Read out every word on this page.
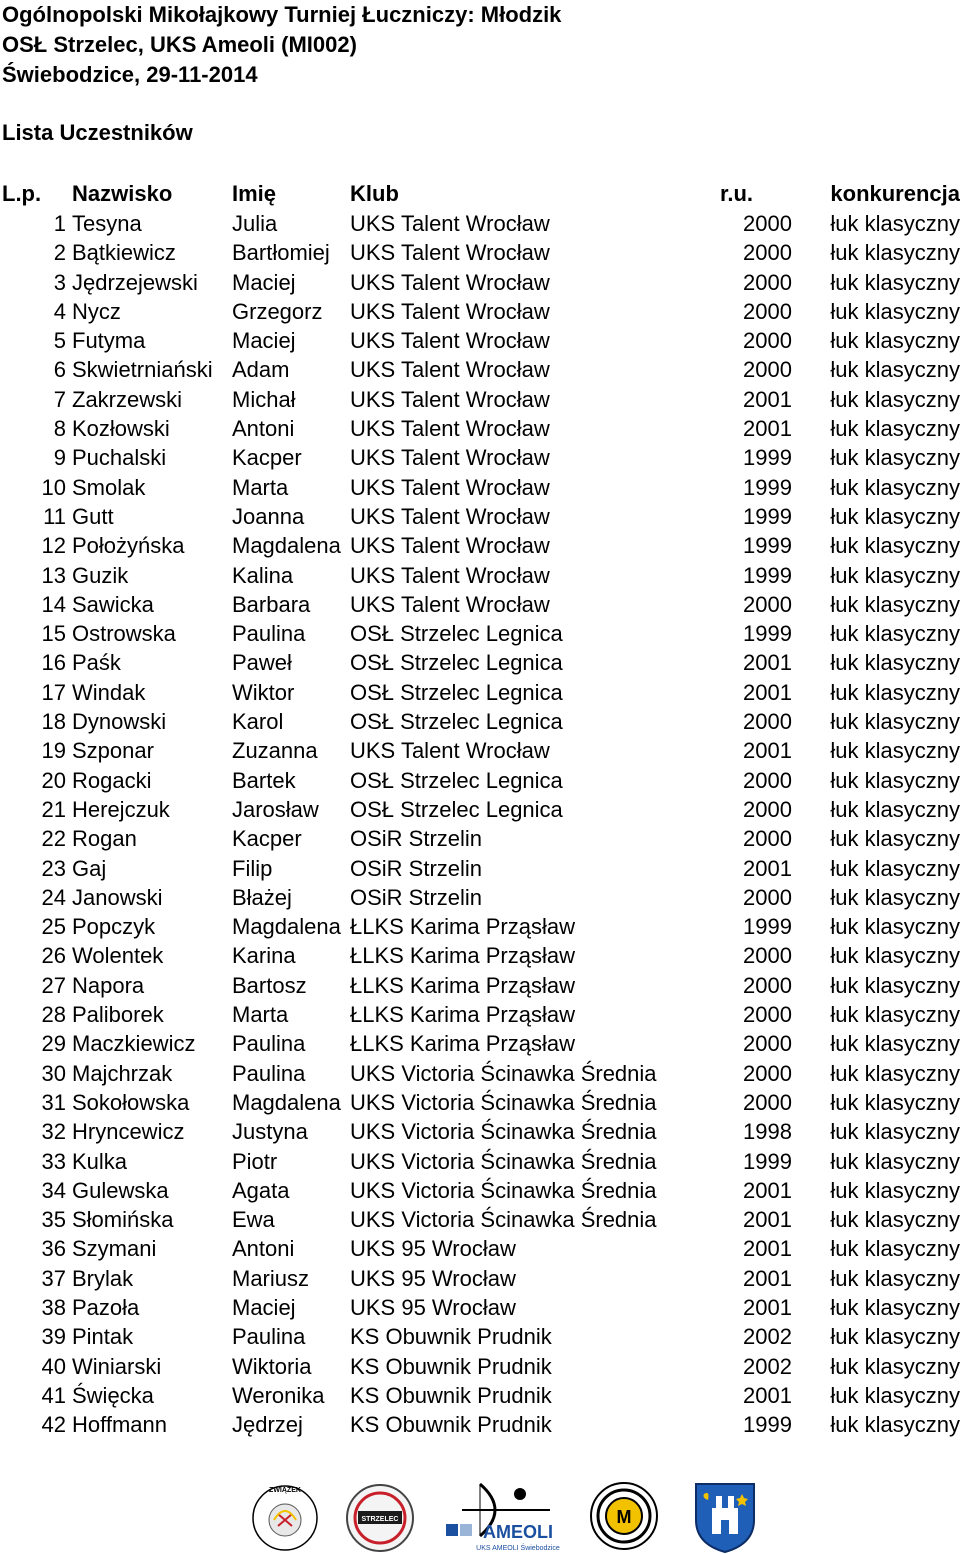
Ogólnopolski Mikołajkowy Turniej Łuczniczy: Młodzik

OSŁ Strzelec, UKS Ameoli (MI002)

Świebodzice, 29-11-2014

Lista Uczestników

L.p.	Nazwisko	Imię	Klub	r.u.	konkurencja
1	Tesyna	Julia	UKS Talent Wrocław	2000	łuk klasyczny
2	Bątkiewicz	Bartłomiej	UKS Talent Wrocław	2000	łuk klasyczny
3	Jędrzejewski	Maciej	UKS Talent Wrocław	2000	łuk klasyczny
4	Nycz	Grzegorz	UKS Talent Wrocław	2000	łuk klasyczny
5	Futyma	Maciej	UKS Talent Wrocław	2000	łuk klasyczny
6	Skwietrniański	Adam	UKS Talent Wrocław	2000	łuk klasyczny
7	Zakrzewski	Michał	UKS Talent Wrocław	2001	łuk klasyczny
8	Kozłowski	Antoni	UKS Talent Wrocław	2001	łuk klasyczny
9	Puchalski	Kacper	UKS Talent Wrocław	1999	łuk klasyczny
10	Smolak	Marta	UKS Talent Wrocław	1999	łuk klasyczny
11	Gutt	Joanna	UKS Talent Wrocław	1999	łuk klasyczny
12	Położyńska	Magdalena	UKS Talent Wrocław	1999	łuk klasyczny
13	Guzik	Kalina	UKS Talent Wrocław	1999	łuk klasyczny
14	Sawicka	Barbara	UKS Talent Wrocław	2000	łuk klasyczny
15	Ostrowska	Paulina	OSŁ Strzelec Legnica	1999	łuk klasyczny
16	Paśk	Paweł	OSŁ Strzelec Legnica	2001	łuk klasyczny
17	Windak	Wiktor	OSŁ Strzelec Legnica	2001	łuk klasyczny
18	Dynowski	Karol	OSŁ Strzelec Legnica	2000	łuk klasyczny
19	Szponar	Zuzanna	UKS Talent Wrocław	2001	łuk klasyczny
20	Rogacki	Bartek	OSŁ Strzelec Legnica	2000	łuk klasyczny
21	Herejczuk	Jarosław	OSŁ Strzelec Legnica	2000	łuk klasyczny
22	Rogan	Kacper	OSiR Strzelin	2000	łuk klasyczny
23	Gaj	Filip	OSiR Strzelin	2001	łuk klasyczny
24	Janowski	Błażej	OSiR Strzelin	2000	łuk klasyczny
25	Popczyk	Magdalena	ŁLKS Karima Prząsław	1999	łuk klasyczny
26	Wolentek	Karina	ŁLKS Karima Prząsław	2000	łuk klasyczny
27	Napora	Bartosz	ŁLKS Karima Prząsław	2000	łuk klasyczny
28	Paliborek	Marta	ŁLKS Karima Prząsław	2000	łuk klasyczny
29	Maczkiewicz	Paulina	ŁLKS Karima Prząsław	2000	łuk klasyczny
30	Majchrzak	Paulina	UKS Victoria Ścinawka Średnia	2000	łuk klasyczny
31	Sokołowska	Magdalena	UKS Victoria Ścinawka Średnia	2000	łuk klasyczny
32	Hryncewicz	Justyna	UKS Victoria Ścinawka Średnia	1998	łuk klasyczny
33	Kulka	Piotr	UKS Victoria Ścinawka Średnia	1999	łuk klasyczny
34	Gulewska	Agata	UKS Victoria Ścinawka Średnia	2001	łuk klasyczny
35	Słomińska	Ewa	UKS Victoria Ścinawka Średnia	2001	łuk klasyczny
36	Szymani	Antoni	UKS 95 Wrocław	2001	łuk klasyczny
37	Brylak	Mariusz	UKS 95 Wrocław	2001	łuk klasyczny
38	Pazoła	Maciej	UKS 95 Wrocław	2001	łuk klasyczny
39	Pintak	Paulina	KS Obuwnik Prudnik	2002	łuk klasyczny
40	Winiarski	Wiktoria	KS Obuwnik Prudnik	2002	łuk klasyczny
41	Święcka	Weronika	KS Obuwnik Prudnik	2001	łuk klasyczny
42	Hoffmann	Jędrzej	KS Obuwnik Prudnik	1999	łuk klasyczny
ZWIĄZEK
STRZELEC
AMEOLI
UKS AMEOLI Świebodzice
M
